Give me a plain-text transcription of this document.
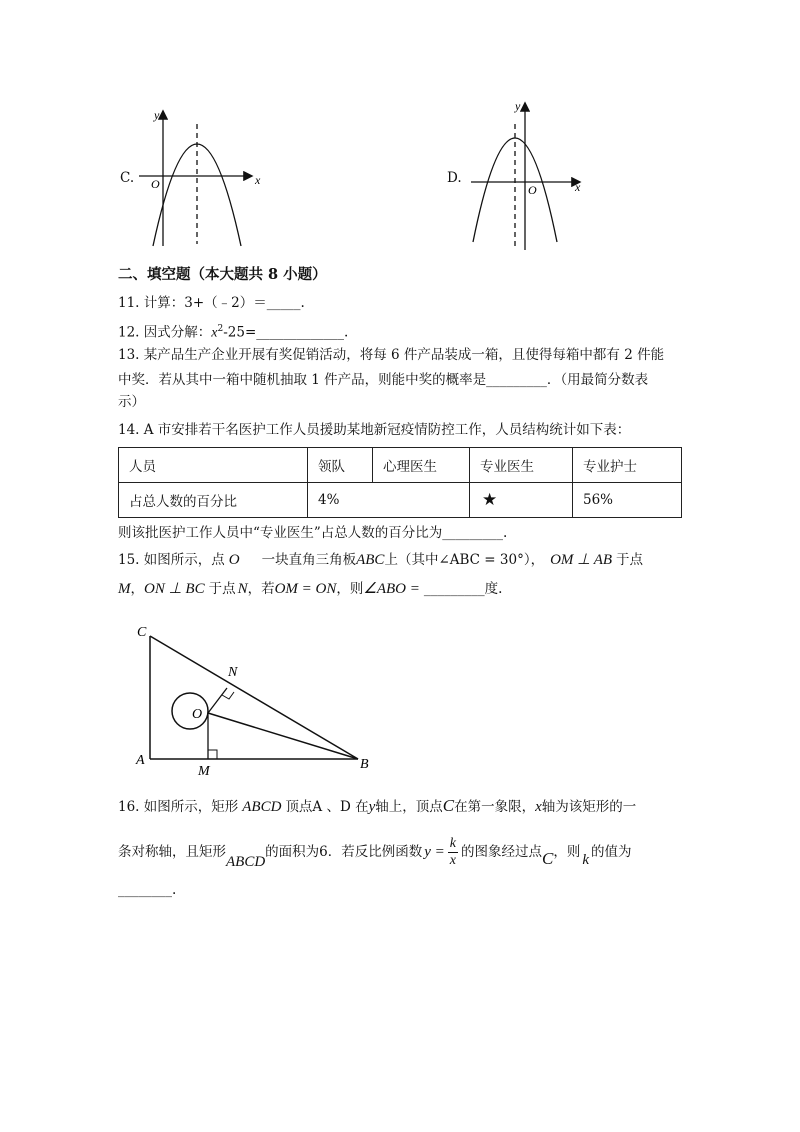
C.
y
x
O	D.
y
x
O
二、填空题（本大题共 8 小题）
11. 计算：3+（﹣2）＝_____.
12. 因式分解：$x^2-25=\_\_\_\_\_\_\_\_\_\_\_\_\_$.
13. 某产品生产企业开展有奖促销活动，将每 6 件产品装成一箱，且使得每箱中都有 2 件能
中奖．若从其中一箱中随机抽取 1 件产品，则能中奖的概率是_________．（用最简分数表
示）
14. A 市安排若干名医护工作人员援助某地新冠疫情防控工作，人员结构统计如下表：
人员	领队	心理医生	专业医生	专业护士
占总人数的百分比	4%		★	56%
则该批医护工作人员中“专业医生”占总人数的百分比为_________.
15. 如图所示，点 O 一块直角三角板ABC上（其中∠ABC = 30°）， OM ⊥ AB 于点
M，ON ⊥ BC 于点 N，若OM = ON，则∠ABO = _________度.
C
N
O
A
M	B
16. 如图所示，矩形 ABCD 顶点A 、D 在y轴上，顶点C在第一象限，x轴为该矩形的一
条对称轴，且矩形ABCD的面积为6．若反比例函数 $y = \frac{k}{x}$ 的图象经过点C，则 k 的值为
________.
